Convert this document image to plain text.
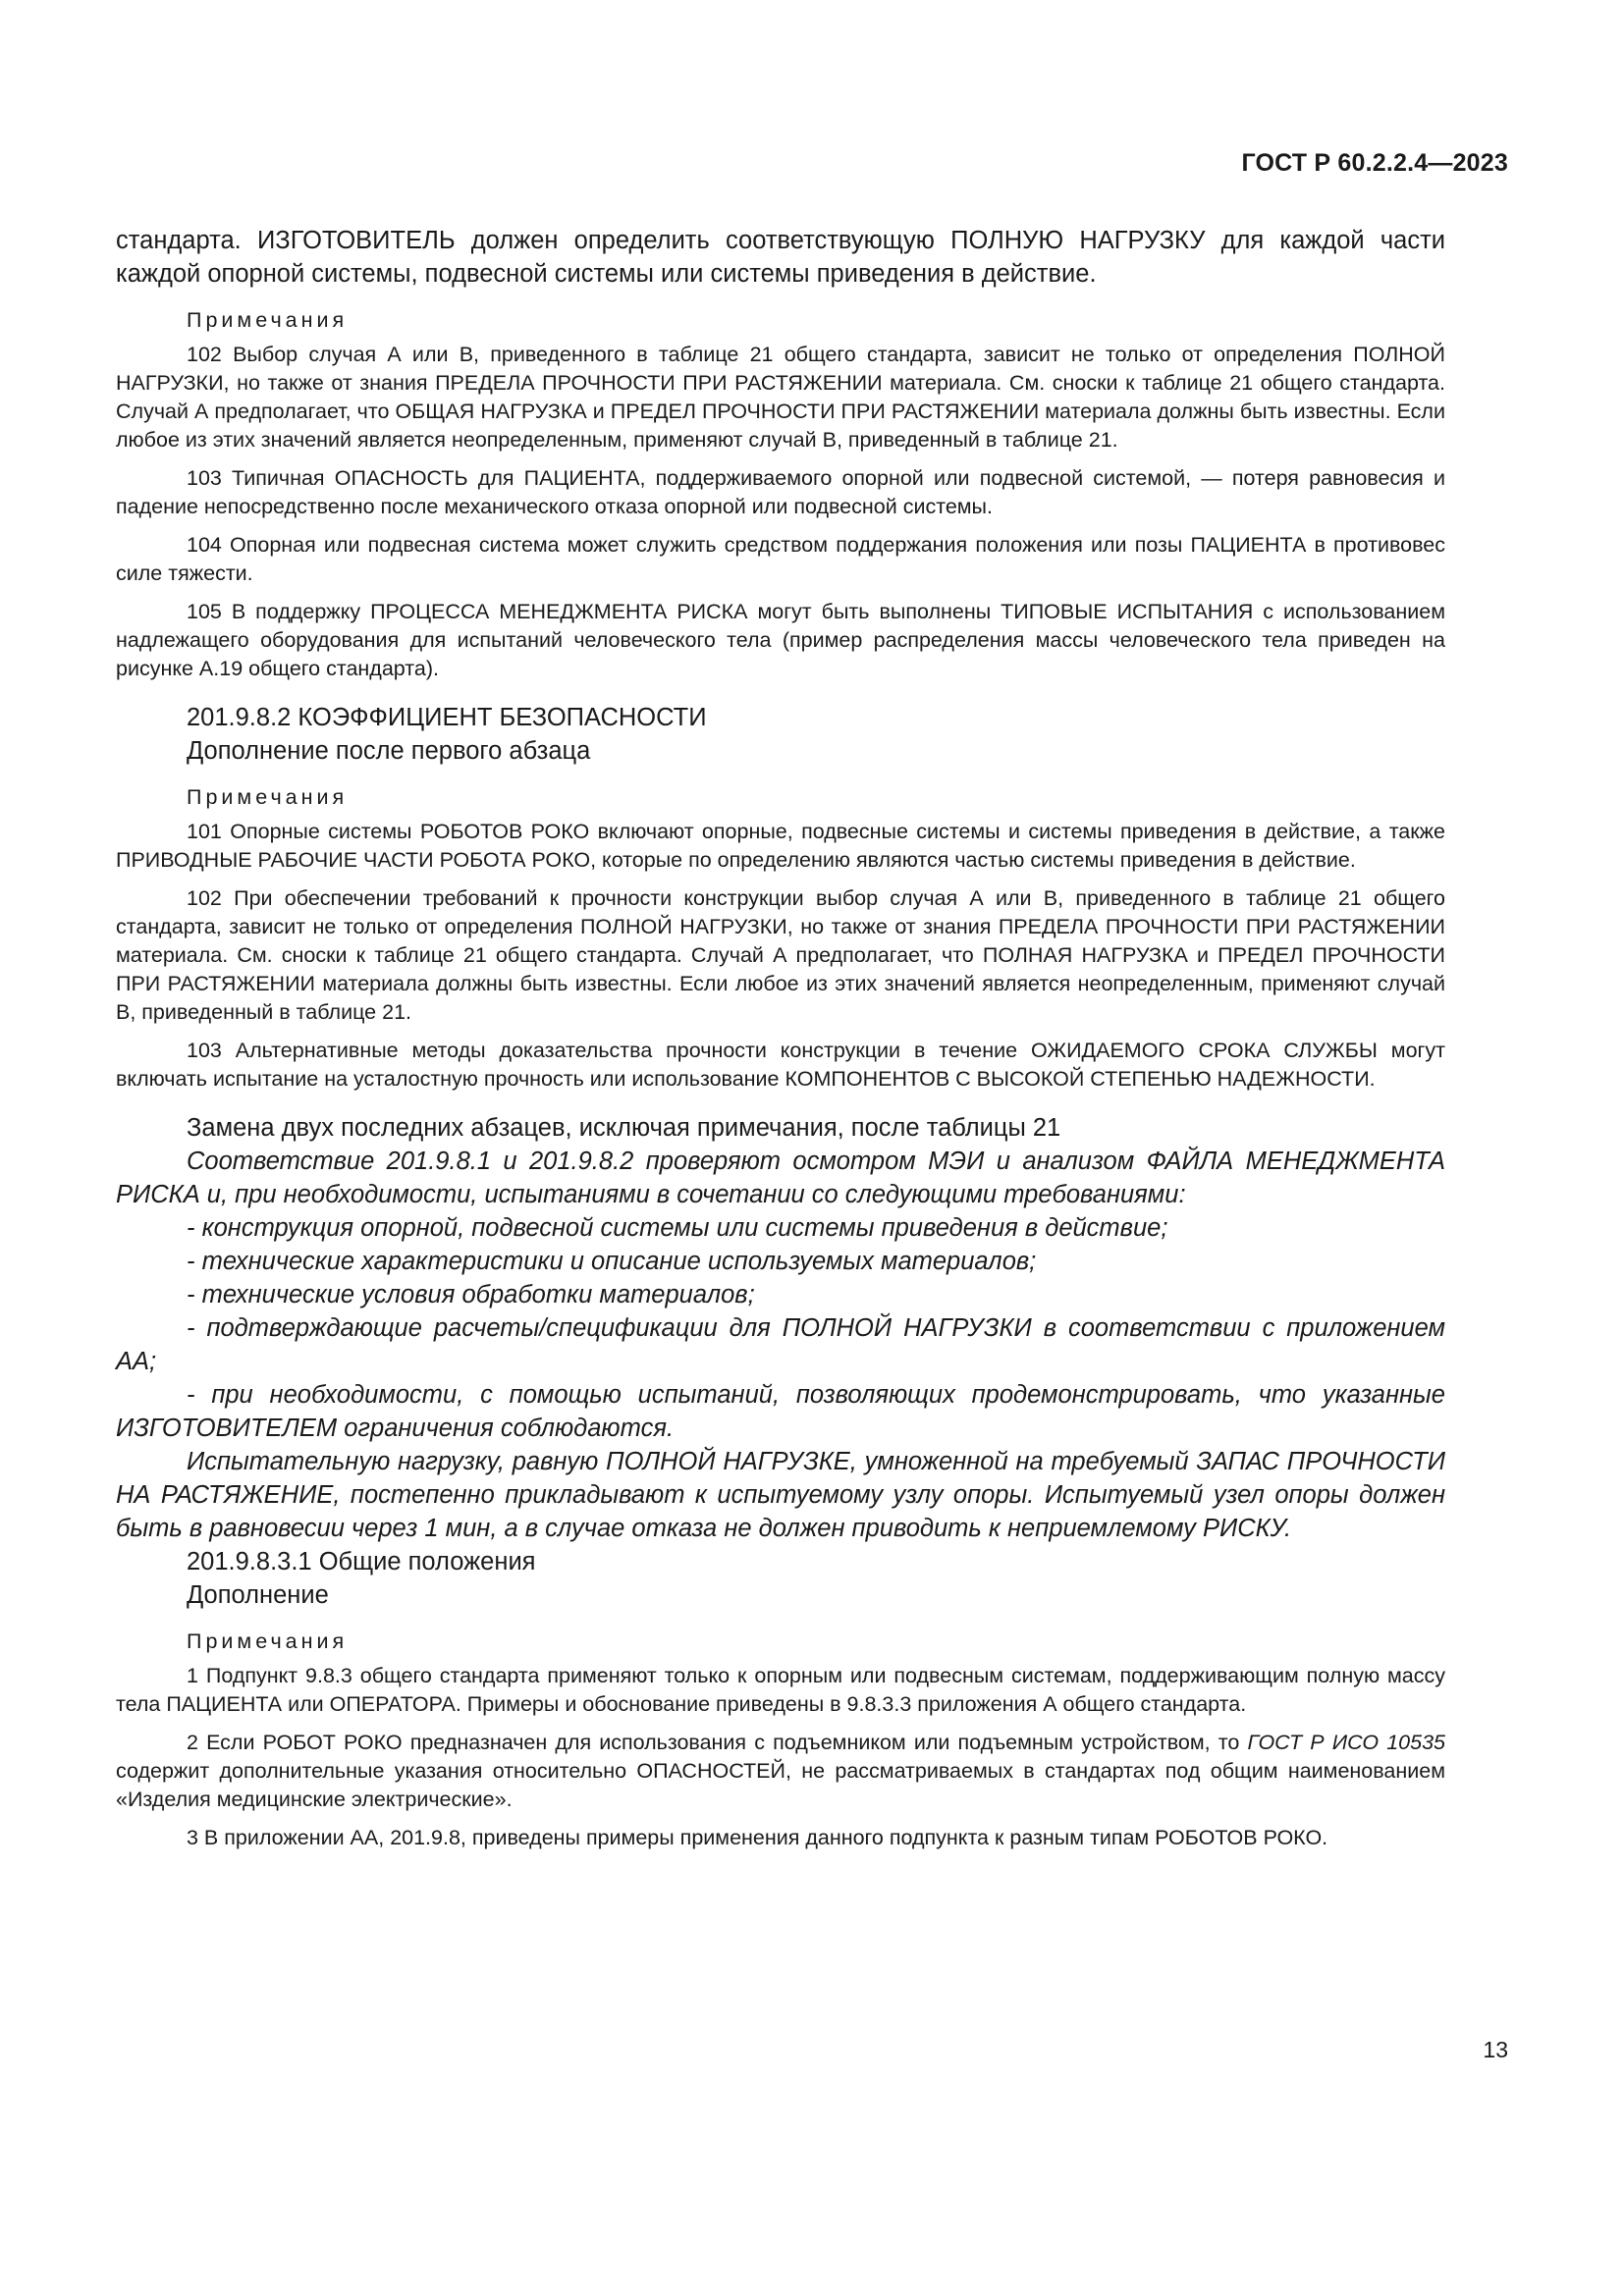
ГОСТ Р 60.2.2.4—2023

стандарта. ИЗГОТОВИТЕЛЬ должен определить соответствующую ПОЛНУЮ НАГРУЗКУ для каждой части каждой опорной системы, подвесной системы или системы приведения в действие.

Примечания

102 Выбор случая А или В, приведенного в таблице 21 общего стандарта, зависит не только от определения ПОЛНОЙ НАГРУЗКИ, но также от знания ПРЕДЕЛА ПРОЧНОСТИ ПРИ РАСТЯЖЕНИИ материала. См. сноски к таблице 21 общего стандарта. Случай А предполагает, что ОБЩАЯ НАГРУЗКА и ПРЕДЕЛ ПРОЧНОСТИ ПРИ РАСТЯЖЕНИИ материала должны быть известны. Если любое из этих значений является неопределенным, применяют случай В, приведенный в таблице 21.

103 Типичная ОПАСНОСТЬ для ПАЦИЕНТА, поддерживаемого опорной или подвесной системой, — потеря равновесия и падение непосредственно после механического отказа опорной или подвесной системы.

104 Опорная или подвесная система может служить средством поддержания положения или позы ПАЦИЕНТА в противовес силе тяжести.

105 В поддержку ПРОЦЕССА МЕНЕДЖМЕНТА РИСКА могут быть выполнены ТИПОВЫЕ ИСПЫТАНИЯ с использованием надлежащего оборудования для испытаний человеческого тела (пример распределения массы человеческого тела приведен на рисунке А.19 общего стандарта).

201.9.8.2 КОЭФФИЦИЕНТ БЕЗОПАСНОСТИ

Дополнение после первого абзаца

Примечания

101 Опорные системы РОБОТОВ РОКО включают опорные, подвесные системы и системы приведения в действие, а также ПРИВОДНЫЕ РАБОЧИЕ ЧАСТИ РОБОТА РОКО, которые по определению являются частью системы приведения в действие.

102 При обеспечении требований к прочности конструкции выбор случая А или В, приведенного в таблице 21 общего стандарта, зависит не только от определения ПОЛНОЙ НАГРУЗКИ, но также от знания ПРЕДЕЛА ПРОЧНОСТИ ПРИ РАСТЯЖЕНИИ материала. См. сноски к таблице 21 общего стандарта. Случай А предполагает, что ПОЛНАЯ НАГРУЗКА и ПРЕДЕЛ ПРОЧНОСТИ ПРИ РАСТЯЖЕНИИ материала должны быть известны. Если любое из этих значений является неопределенным, применяют случай В, приведенный в таблице 21.

103 Альтернативные методы доказательства прочности конструкции в течение ОЖИДАЕМОГО СРОКА СЛУЖБЫ могут включать испытание на усталостную прочность или использование КОМПОНЕНТОВ С ВЫСОКОЙ СТЕПЕНЬЮ НАДЕЖНОСТИ.

Замена двух последних абзацев, исключая примечания, после таблицы 21

Соответствие 201.9.8.1 и 201.9.8.2 проверяют осмотром МЭИ и анализом ФАЙЛА МЕНЕДЖМЕНТА РИСКА и, при необходимости, испытаниями в сочетании со следующими требованиями:

- конструкция опорной, подвесной системы или системы приведения в действие;

- технические характеристики и описание используемых материалов;

- технические условия обработки материалов;

- подтверждающие расчеты/спецификации для ПОЛНОЙ НАГРУЗКИ в соответствии с приложением АА;

- при необходимости, с помощью испытаний, позволяющих продемонстрировать, что указанные ИЗГОТОВИТЕЛЕМ ограничения соблюдаются.

Испытательную нагрузку, равную ПОЛНОЙ НАГРУЗКЕ, умноженной на требуемый ЗАПАС ПРОЧНОСТИ НА РАСТЯЖЕНИЕ, постепенно прикладывают к испытуемому узлу опоры. Испытуемый узел опоры должен быть в равновесии через 1 мин, а в случае отказа не должен приводить к неприемлемому РИСКУ.

201.9.8.3.1 Общие положения

Дополнение

Примечания

1 Подпункт 9.8.3 общего стандарта применяют только к опорным или подвесным системам, поддерживающим полную массу тела ПАЦИЕНТА или ОПЕРАТОРА. Примеры и обоснование приведены в 9.8.3.3 приложения А общего стандарта.

2 Если РОБОТ РОКО предназначен для использования с подъемником или подъемным устройством, то ГОСТ Р ИСО 10535 содержит дополнительные указания относительно ОПАСНОСТЕЙ, не рассматриваемых в стандартах под общим наименованием «Изделия медицинские электрические».

3 В приложении АА, 201.9.8, приведены примеры применения данного подпункта к разным типам РОБОТОВ РОКО.

13
